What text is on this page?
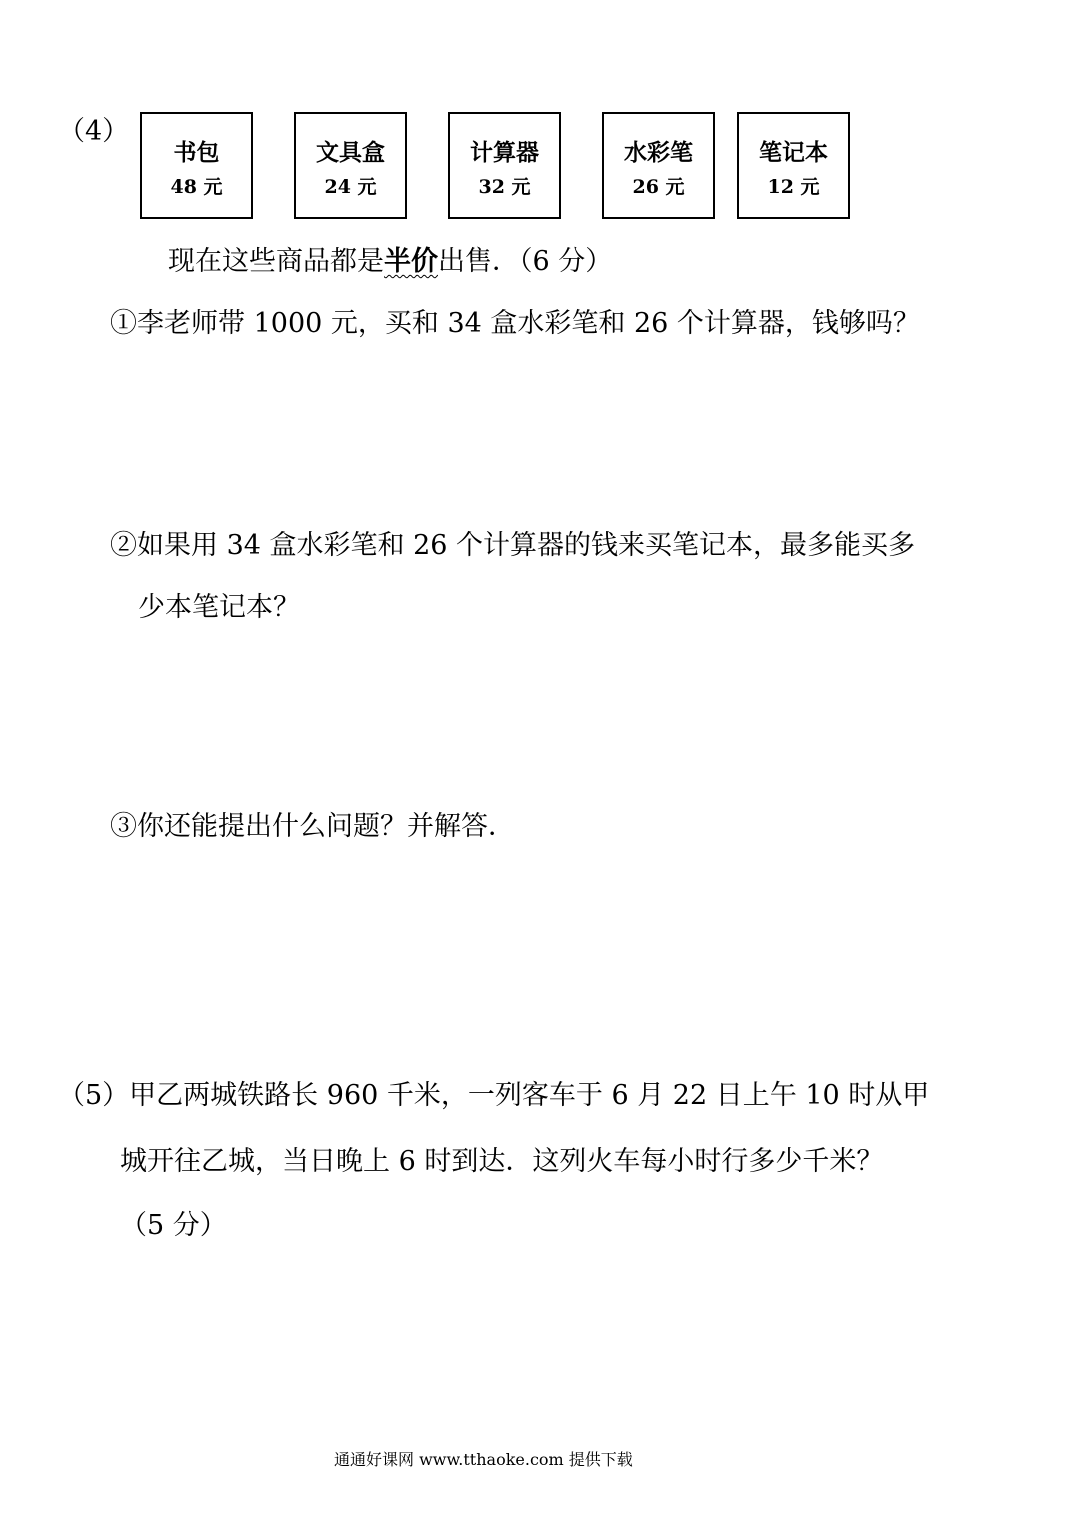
（4）
书包
48 元
文具盒
24 元
计算器
32 元
水彩笔
26 元
笔记本
12 元
现在这些商品都是半价出售．（6 分）
①李老师带 1000 元，买和 34 盒水彩笔和 26 个计算器，钱够吗？
②如果用 34 盒水彩笔和 26 个计算器的钱来买笔记本，最多能买多
少本笔记本？
③你还能提出什么问题？并解答．
（5）甲乙两城铁路长 960 千米，一列客车于 6 月 22 日上午 10 时从甲
城开往乙城，当日晚上 6 时到达．这列火车每小时行多少千米？
（5 分）
通通好课网 www.tthaoke.com 提供下载
